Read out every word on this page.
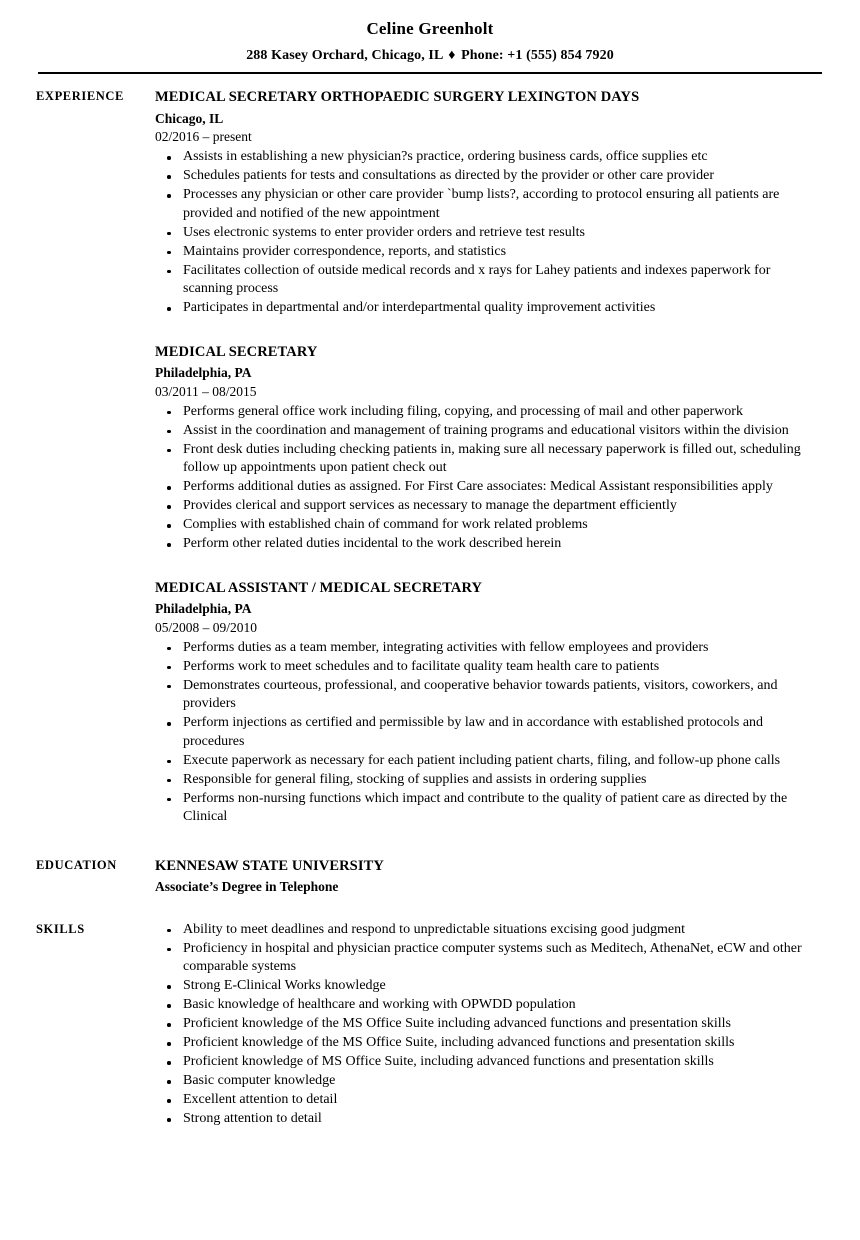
Celine Greenholt
288 Kasey Orchard, Chicago, IL ♦ Phone: +1 (555) 854 7920
EXPERIENCE	MEDICAL SECRETARY ORTHOPAEDIC SURGERY LEXINGTON DAYS
Chicago, IL
02/2016 – present
Assists in establishing a new physician?s practice, ordering business cards, office supplies etc
Schedules patients for tests and consultations as directed by the provider or other care provider
Processes any physician or other care provider `bump lists?, according to protocol ensuring all patients are provided and notified of the new appointment
Uses electronic systems to enter provider orders and retrieve test results
Maintains provider correspondence, reports, and statistics
Facilitates collection of outside medical records and x rays for Lahey patients and indexes paperwork for scanning process
Participates in departmental and/or interdepartmental quality improvement activities
MEDICAL SECRETARY
Philadelphia, PA
03/2011 – 08/2015
Performs general office work including filing, copying, and processing of mail and other paperwork
Assist in the coordination and management of training programs and educational visitors within the division
Front desk duties including checking patients in, making sure all necessary paperwork is filled out, scheduling follow up appointments upon patient check out
Performs additional duties as assigned. For First Care associates: Medical Assistant responsibilities apply
Provides clerical and support services as necessary to manage the department efficiently
Complies with established chain of command for work related problems
Perform other related duties incidental to the work described herein
MEDICAL ASSISTANT / MEDICAL SECRETARY
Philadelphia, PA
05/2008 – 09/2010
Performs duties as a team member, integrating activities with fellow employees and providers
Performs work to meet schedules and to facilitate quality team health care to patients
Demonstrates courteous, professional, and cooperative behavior towards patients, visitors, coworkers, and providers
Perform injections as certified and permissible by law and in accordance with established protocols and procedures
Execute paperwork as necessary for each patient including patient charts, filing, and follow-up phone calls
Responsible for general filing, stocking of supplies and assists in ordering supplies
Performs non-nursing functions which impact and contribute to the quality of patient care as directed by the Clinical
EDUCATION	KENNESAW STATE UNIVERSITY
Associate’s Degree in Telephone
SKILLS	Ability to meet deadlines and respond to unpredictable situations excising good judgment
Proficiency in hospital and physician practice computer systems such as Meditech, AthenaNet, eCW and other comparable systems
Strong E-Clinical Works knowledge
Basic knowledge of healthcare and working with OPWDD population
Proficient knowledge of the MS Office Suite including advanced functions and presentation skills
Proficient knowledge of the MS Office Suite, including advanced functions and presentation skills
Proficient knowledge of MS Office Suite, including advanced functions and presentation skills
Basic computer knowledge
Excellent attention to detail
Strong attention to detail
